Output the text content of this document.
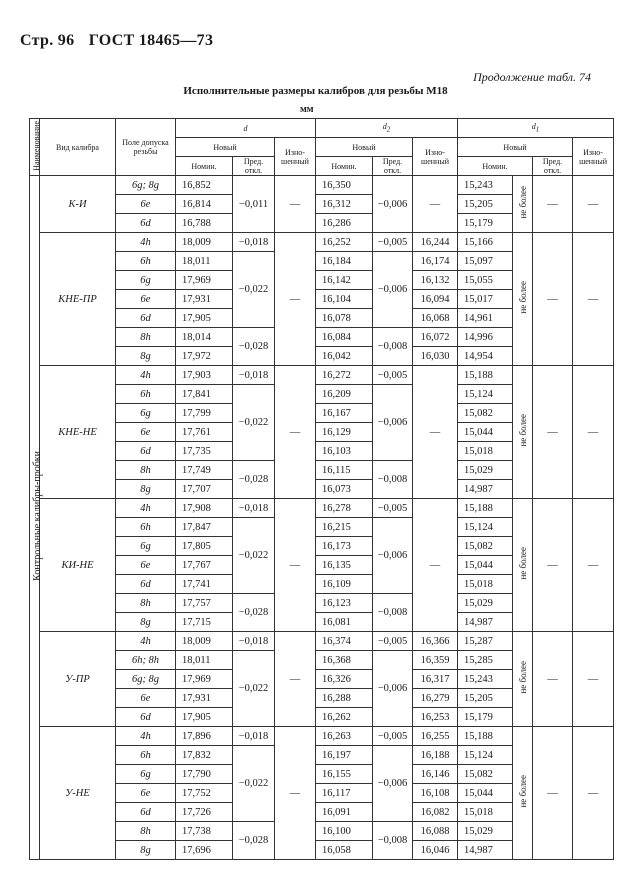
Стр. 96 ГОСТ 18465—73
Продолжение табл. 74
Исполнительные размеры калибров для резьбы М18
мм
Наименование	Вид калибра	Поле допуска резьбы	d			d2			d1			
			Новый		Изно-шенный	Новый		Изно-шенный	Новый			Изно-шенный
			Номин.	Пред. откл.		Номин.	Пред. откл.		Номин.		Пред. откл.	
Контрольные калибры-пробки	К-И	6g; 8g	16,852	−0,011	—	16,350	−0,006	—	15,243	не более	—	—
		6e	16,814			16,312			15,205			
		6d	16,788			16,286			15,179			
	КНЕ-ПР	4h	18,009	−0,018	—	16,252	−0,005	16,244	15,166	не более	—	—
		6h	18,011	−0,022		16,184	−0,006	16,174	15,097			
		6g	17,969			16,142		16,132	15,055			
		6e	17,931			16,104		16,094	15,017			
		6d	17,905			16,078		16,068	14,961			
		8h	18,014	−0,028		16,084	−0,008	16,072	14,996			
		8g	17,972			16,042		16,030	14,954			
	КНЕ-НЕ	4h	17,903	−0,018	—	16,272	−0,005	—	15,188	не более	—	—
		6h	17,841	−0,022		16,209	−0,006		15,124			
		6g	17,799			16,167			15,082			
		6e	17,761			16,129			15,044			
		6d	17,735			16,103			15,018			
		8h	17,749	−0,028		16,115	−0,008		15,029			
		8g	17,707			16,073			14,987			
	КИ-НЕ	4h	17,908	−0,018	—	16,278	−0,005	—	15,188	не более	—	—
		6h	17,847	−0,022		16,215	−0,006		15,124			
		6g	17,805			16,173			15,082			
		6e	17,767			16,135			15,044			
		6d	17,741			16,109			15,018			
		8h	17,757	−0,028		16,123	−0,008		15,029			
		8g	17,715			16,081			14,987			
	У-ПР	4h	18,009	−0,018	—	16,374	−0,005	16,366	15,287	не более	—	—
		6h; 8h	18,011	−0,022		16,368	−0,006	16,359	15,285			
		6g; 8g	17,969			16,326		16,317	15,243			
		6e	17,931			16,288		16,279	15,205			
		6d	17,905			16,262		16,253	15,179			
	У-НЕ	4h	17,896	−0,018	—	16,263	−0,005	16,255	15,188	не более	—	—
		6h	17,832	−0,022		16,197	−0,006	16,188	15,124			
		6g	17,790			16,155		16,146	15,082			
		6e	17,752			16,117		16,108	15,044			
		6d	17,726			16,091		16,082	15,018			
		8h	17,738	−0,028		16,100	−0,008	16,088	15,029			
		8g	17,696			16,058		16,046	14,987			
